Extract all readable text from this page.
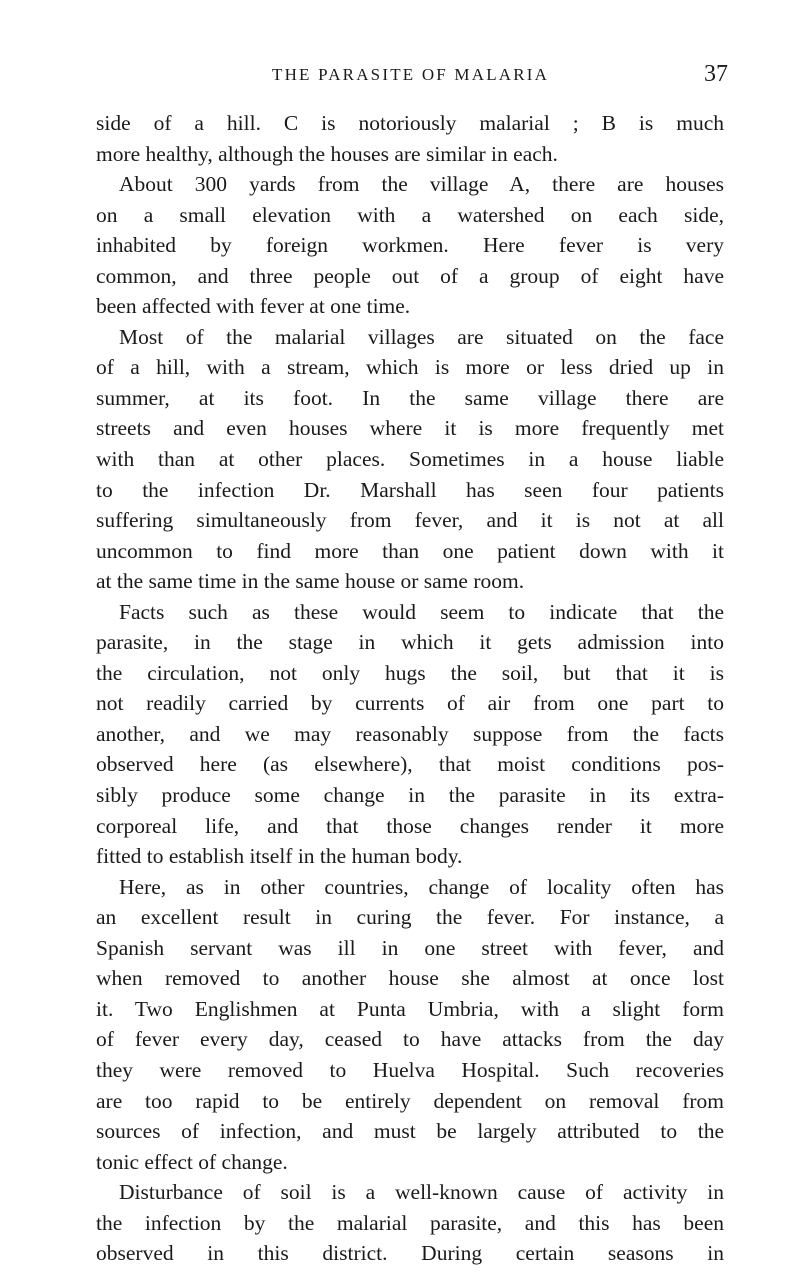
THE PARASITE OF MALARIA	37
side of a hill. C is notoriously malarial ; B is much
more healthy, although the houses are similar in each.
About 300 yards from the village A, there are houses
on a small elevation with a watershed on each side,
inhabited by foreign workmen. Here fever is very
common, and three people out of a group of eight have
been affected with fever at one time.
Most of the malarial villages are situated on the face
of a hill, with a stream, which is more or less dried up in
summer, at its foot. In the same village there are
streets and even houses where it is more frequently met
with than at other places. Sometimes in a house liable
to the infection Dr. Marshall has seen four patients
suffering simultaneously from fever, and it is not at all
uncommon to find more than one patient down with it
at the same time in the same house or same room.
Facts such as these would seem to indicate that the
parasite, in the stage in which it gets admission into
the circulation, not only hugs the soil, but that it is
not readily carried by currents of air from one part to
another, and we may reasonably suppose from the facts
observed here (as elsewhere), that moist conditions pos-
sibly produce some change in the parasite in its extra-
corporeal life, and that those changes render it more
fitted to establish itself in the human body.
Here, as in other countries, change of locality often has
an excellent result in curing the fever. For instance, a
Spanish servant was ill in one street with fever, and
when removed to another house she almost at once lost
it. Two Englishmen at Punta Umbria, with a slight form
of fever every day, ceased to have attacks from the day
they were removed to Huelva Hospital. Such recoveries
are too rapid to be entirely dependent on removal from
sources of infection, and must be largely attributed to the
tonic effect of change.
Disturbance of soil is a well-known cause of activity in
the infection by the malarial parasite, and this has been
observed in this district. During certain seasons in
